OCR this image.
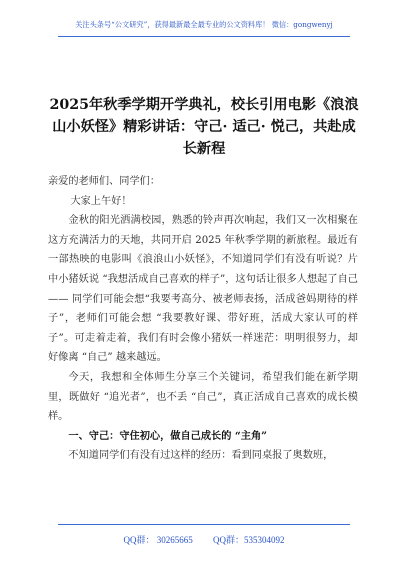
关注头条号“公文研究”，获得最新最全最专业的公文资料库！ 微信：gongwenyj
2025年秋季学期开学典礼，校长引用电影《浪浪山小妖怪》精彩讲话：守己· 适己· 悦己，共赴成长新程

亲爱的老师们、同学们：

大家上午好！

金秋的阳光洒满校园，熟悉的铃声再次响起，我们又一次相聚在这方充满活力的天地，共同开启 2025 年秋季学期的新旅程。最近有一部热映的电影叫《浪浪山小妖怪》，不知道同学们有没有听说？片中小猪妖说 “我想活成自己喜欢的样子”，这句话让很多人想起了自己 —— 同学们可能会想“我要考高分、被老师表扬，活成爸妈期待的样子”，老师们可能会想 “我要教好课、带好班，活成大家认可的样子”。可走着走着，我们有时会像小猪妖一样迷茫：明明很努力，却好像离 “自己” 越来越远。

今天，我想和全体师生分享三个关键词，希望我们能在新学期里，既做好 “追光者”，也不丢 “自己”，真正活成自己喜欢的成长模样。

一、守己：守住初心，做自己成长的 “主角”

不知道同学们有没有过这样的经历：看到同桌报了奥数班，

QQ群： 30265665 QQ群：535304092
